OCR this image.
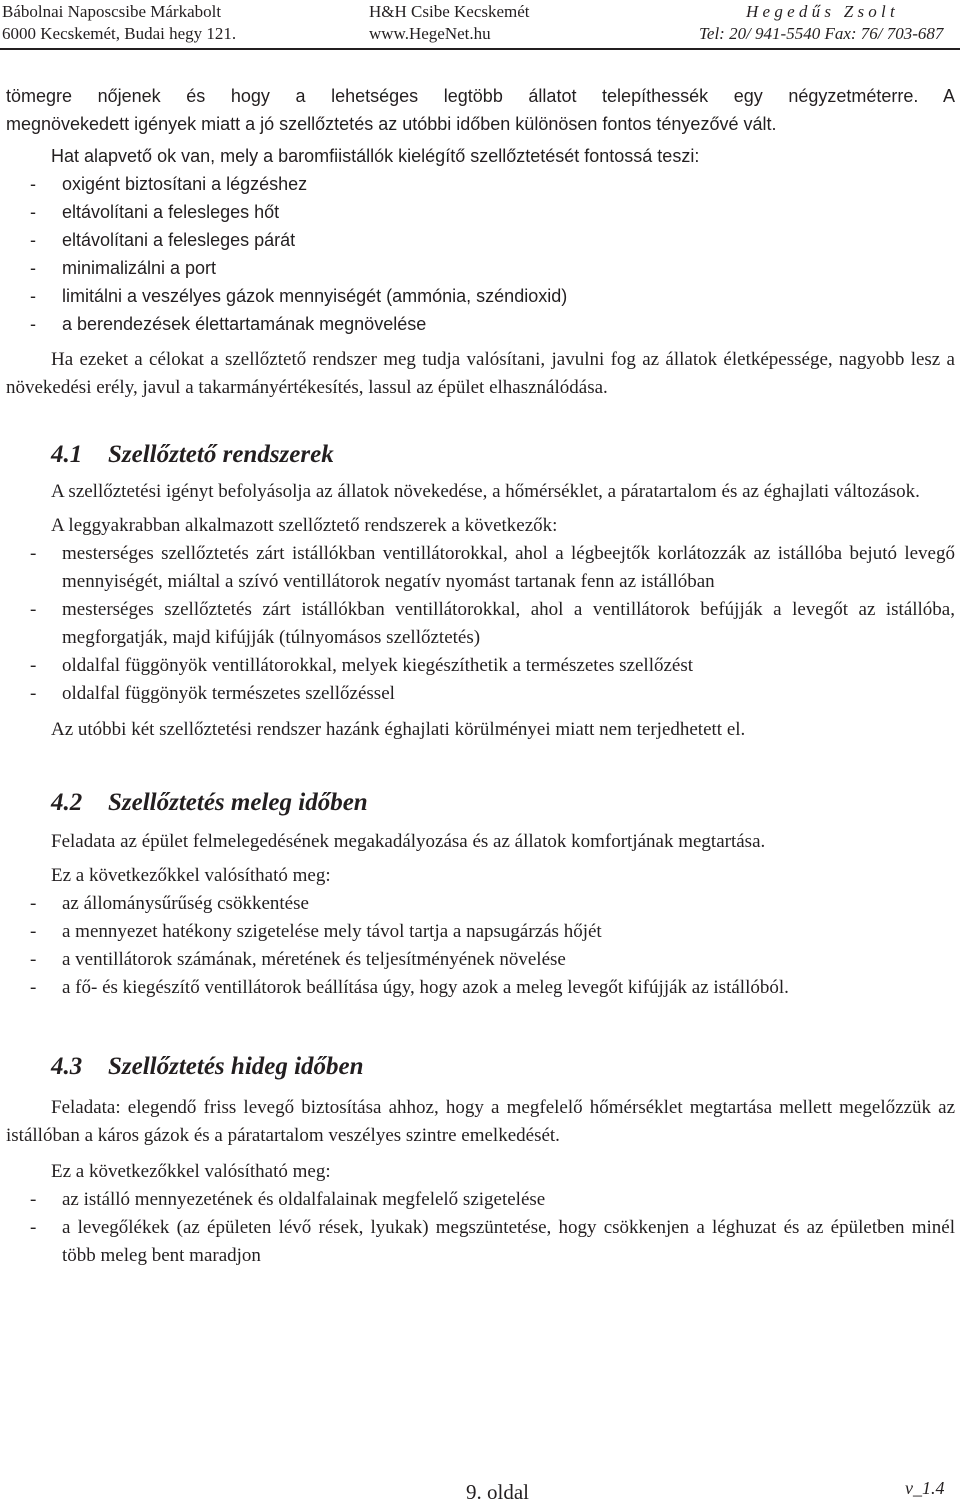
Bábolnai Naposcsibe Márkabolt
6000 Kecskemét, Budai hegy 121.
H&H Csibe Kecskemét
www.HegeNet.hu
H e g e d ű s   Z s o l t
Tel: 20/ 941-5540 Fax: 76/ 703-687

tömegre nőjenek és hogy a lehetséges legtöbb állatot telepíthessék egy négyzetméterre. A

megnövekedett igények miatt a jó szellőztetés az utóbbi időben különösen fontos tényezővé vált.

Hat alapvető ok van, mely a baromfiistállók kielégítő szellőztetését fontossá teszi:

- oxigént biztosítani a légzéshez
- eltávolítani a felesleges hőt
- eltávolítani a felesleges párát
- minimalizálni a port
- limitálni a veszélyes gázok mennyiségét (ammónia, széndioxid)
- a berendezések élettartamának megnövelése

Ha ezeket a célokat a szellőztető rendszer meg tudja valósítani, javulni fog az állatok életképessége, nagyobb lesz a növekedési erély, javul a takarmányértékesítés, lassul az épület elhasználódása.

4.1 Szellőztető rendszerek

A szellőztetési igényt befolyásolja az állatok növekedése, a hőmérséklet, a páratartalom és az éghajlati változások.

A leggyakrabban alkalmazott szellőztető rendszerek a következők:

- mesterséges szellőztetés zárt istállókban ventillátorokkal, ahol a légbeejtők korlátozzák az istállóba bejutó levegő mennyiségét, miáltal a szívó ventillátorok negatív nyomást tartanak fenn az istállóban
- mesterséges szellőztetés zárt istállókban ventillátorokkal, ahol a ventillátorok befújják a levegőt az istállóba, megforgatják, majd kifújják (túlnyomásos szellőztetés)
- oldalfal függönyök ventillátorokkal, melyek kiegészíthetik a természetes szellőzést
- oldalfal függönyök természetes szellőzéssel

Az utóbbi két szellőztetési rendszer hazánk éghajlati körülményei miatt nem terjedhetett el.

4.2 Szellőztetés meleg időben

Feladata az épület felmelegedésének megakadályozása és az állatok komfortjának megtartása.

Ez a következőkkel valósítható meg:

- az állománysűrűség csökkentése
- a mennyezet hatékony szigetelése mely távol tartja a napsugárzás hőjét
- a ventillátorok számának, méretének és teljesítményének növelése
- a fő- és kiegészítő ventillátorok beállítása úgy, hogy azok a meleg levegőt kifújják az istállóból.
4.3 Szellőztetés hideg időben

Feladata: elegendő friss levegő biztosítása ahhoz, hogy a megfelelő hőmérséklet megtartása mellett megelőzzük az istállóban a káros gázok és a páratartalom veszélyes szintre emelkedését.

Ez a következőkkel valósítható meg:

- az istálló mennyezetének és oldalfalainak megfelelő szigetelése
- a levegőlékek (az épületen lévő rések, lyukak) megszüntetése, hogy csökkenjen a léghuzat és az épületben minél több meleg bent maradjon
9. oldal	v_1.4
